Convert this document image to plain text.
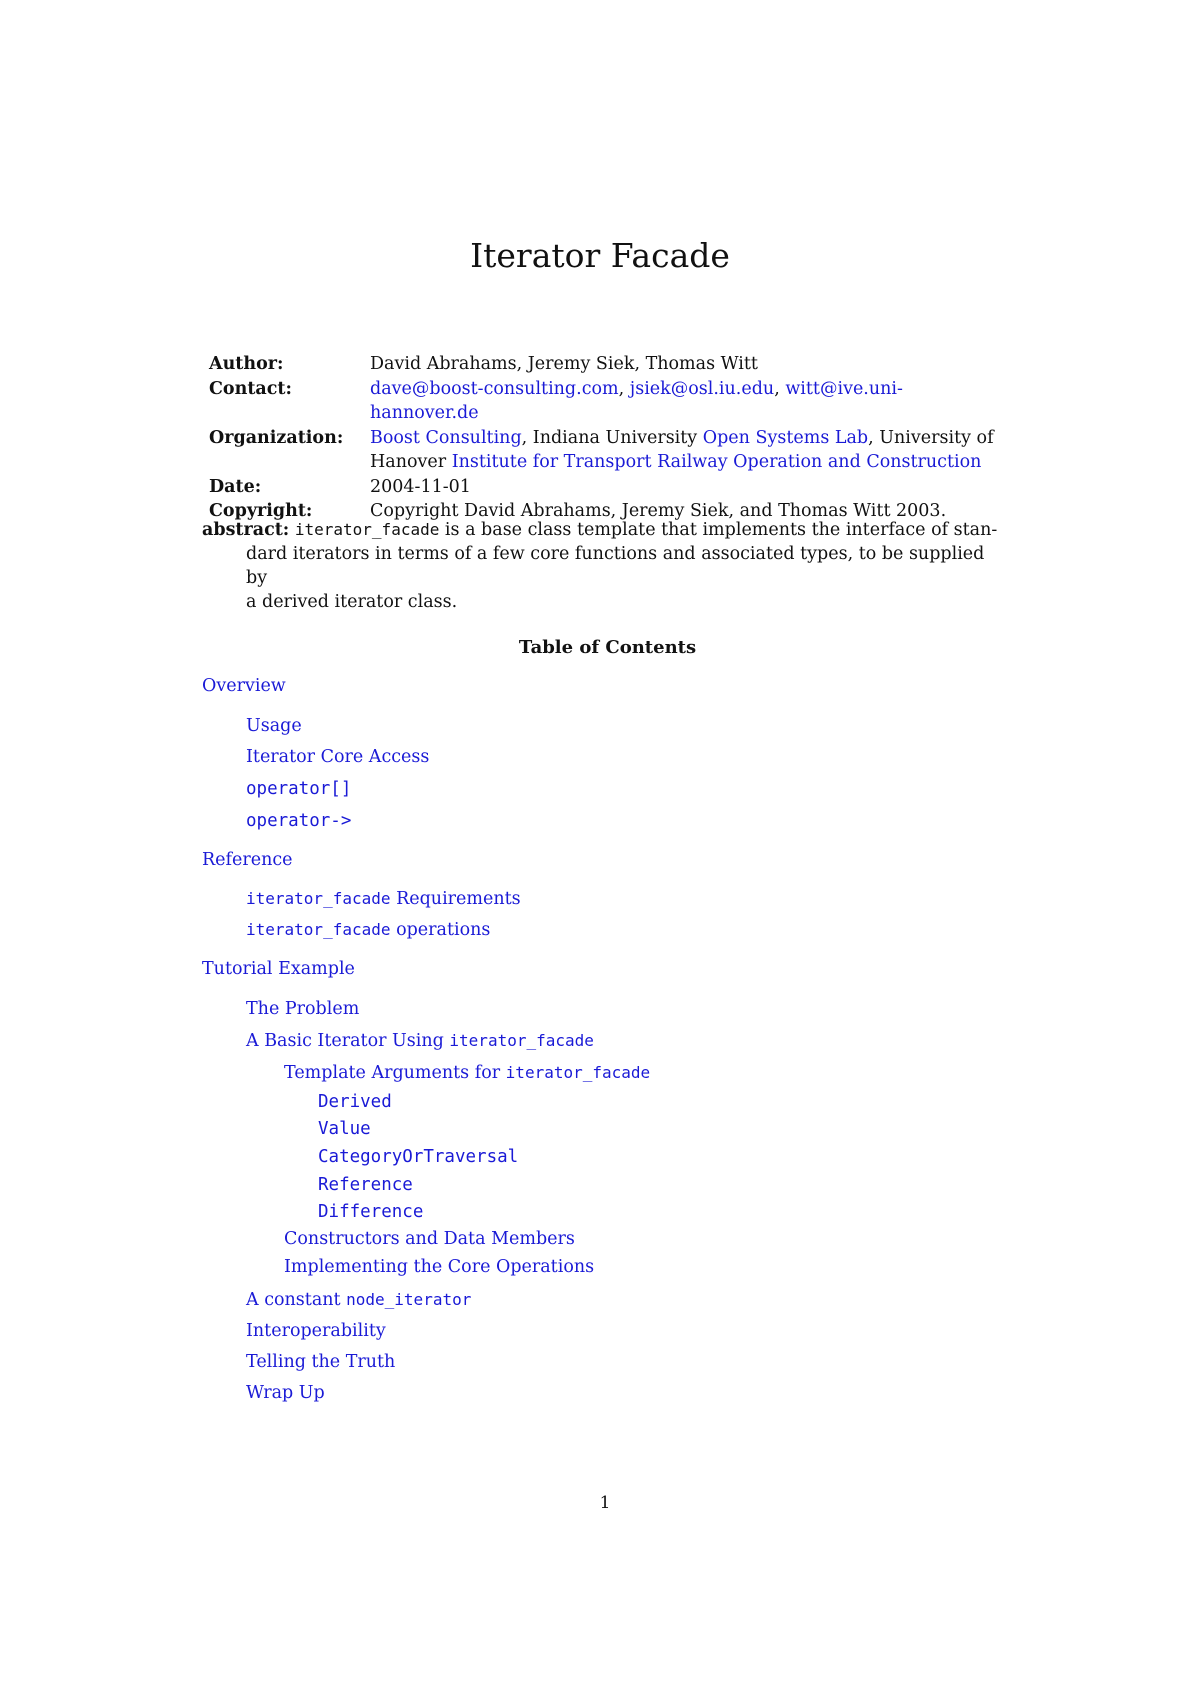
Iterator Facade
Author:	David Abrahams, Jeremy Siek, Thomas Witt
Contact:	dave@boost-consulting.com, jsiek@osl.iu.edu, witt@ive.uni-hannover.de
Organization:	Boost Consulting, Indiana University Open Systems Lab, University of
Hanover Institute for Transport Railway Operation and Construction
Date:	2004-11-01
Copyright:	Copyright David Abrahams, Jeremy Siek, and Thomas Witt 2003.
abstract: iterator_facade is a base class template that implements the interface of stan-
dard iterators in terms of a few core functions and associated types, to be supplied by
a derived iterator class.
Table of Contents
Overview
Usage
Iterator Core Access
operator[]
operator->
Reference
iterator_facade Requirements
iterator_facade operations
Tutorial Example
The Problem
A Basic Iterator Using iterator_facade
Template Arguments for iterator_facade
Derived
Value
CategoryOrTraversal
Reference
Difference
Constructors and Data Members
Implementing the Core Operations
A constant node_iterator
Interoperability
Telling the Truth
Wrap Up
1
